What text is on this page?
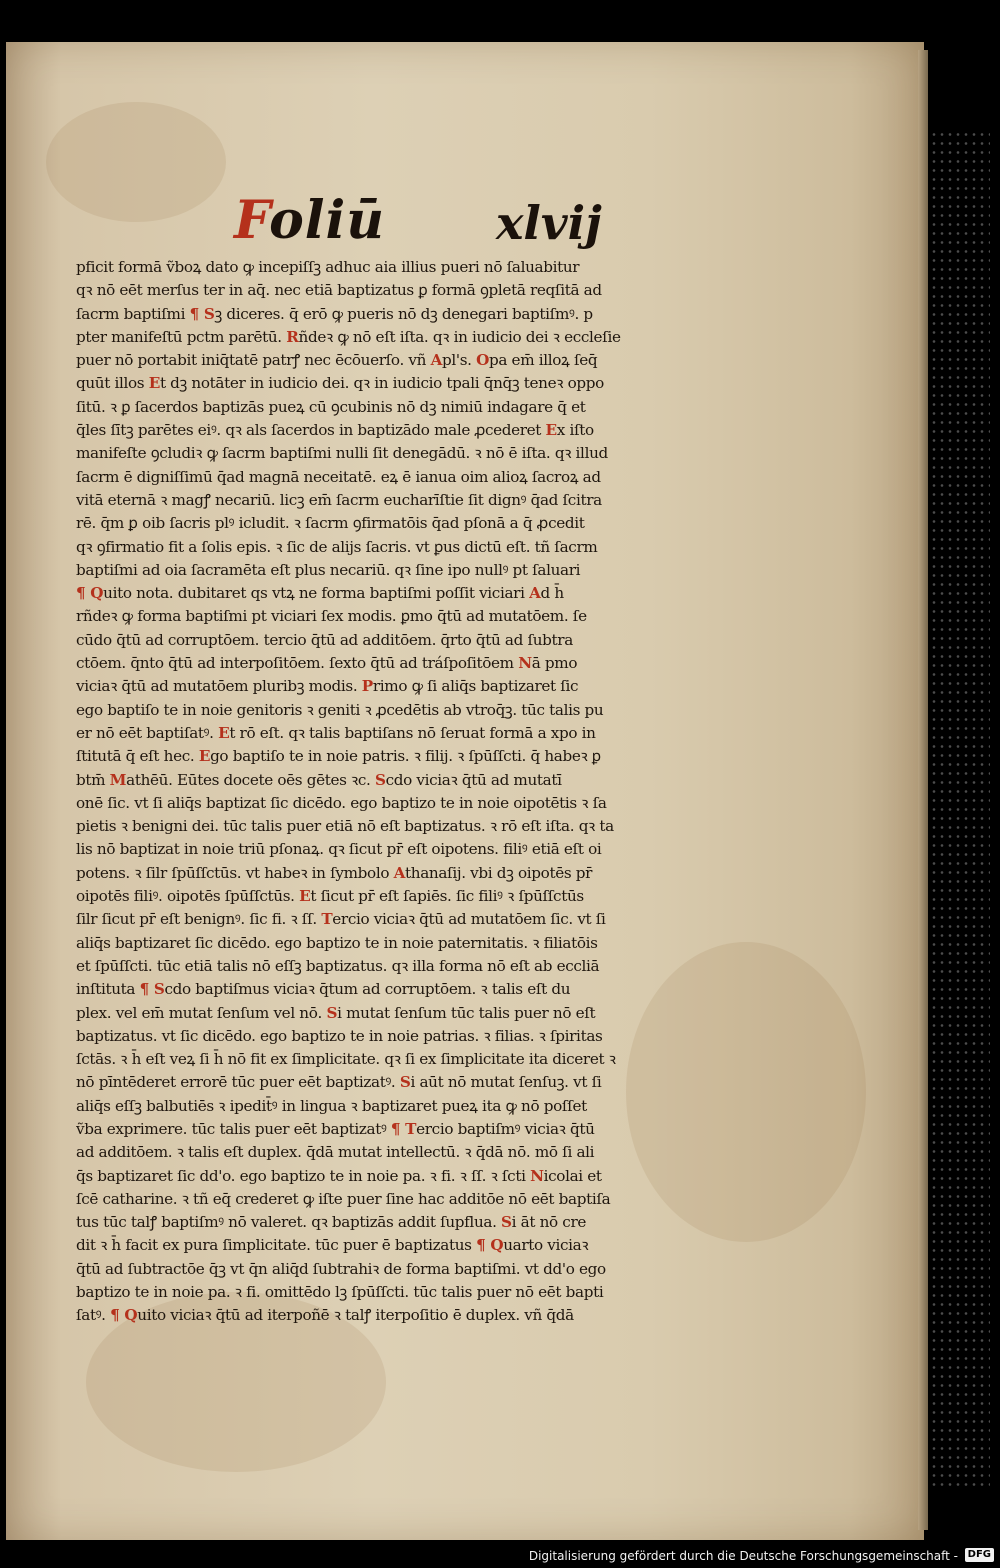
Foliū xlvij
pficit formā ṽboꝝ dato ꝙ incepiſſꝫ adhuc aia illius pueri nō ſaluabitur
qꝛ nō eēt merſus ter in aq̄. nec etiā baptizatus ꝑ formā ꝯpletā reqſitā ad
ſacrm baptiſmi ¶ Sꝫ diceres. q̄ erō ꝙ pueris nō dꝫ denegari baptiſmꝰ. p
pter manifeſtū pctm parētū. Rñdeꝛ ꝙ nō eſt iſta. qꝛ in iudicio dei ꝛ eccleſie
puer nō portabit iniq̄tatē patrꝭ nec ēcōuerſo. vñ Apl's. Opa em̄ illoꝝ ſeq̄
quūt illos Et dꝫ notāter in iudicio dei. qꝛ in iudicio tpali q̄nq̄ꝫ teneꝛ oppo
ſitū. ꝛ ꝑ ſacerdos baptizās pueꝝ cū ꝯcubinis nō dꝫ nimiū indagare q̄ et
q̄les ſītꝫ parētes eiꝰ. qꝛ als ſacerdos in baptizādo male ꝓcederet Ex iſto
manifeſte ꝯcludiꝛ ꝙ ſacrm baptiſmi nulli ſit denegādū. ꝛ nō ē iſta. qꝛ illud
ſacrm ē digniſſimū q̄ad magnā neceitatē. eꝝ ē ianua oim alioꝝ ſacroꝝ ad
vitā eternā ꝛ magꝭ necariū. licꝫ em̄ ſacrm eucharīſtie ſit dignꝰ q̄ad ſcitra
rē. q̄m ꝑ oib ſacris plꝰ icludit. ꝛ ſacrm ꝯfirmatōis q̄ad pſonā a q̄ ꝓcedit
qꝛ ꝯfirmatio fit a ſolis epis. ꝛ ſic de alijs ſacris. vt ꝑus dictū eſt. tñ ſacrm
baptiſmi ad oia ſacramēta eſt plus necariū. qꝛ ſine ipo nullꝰ pt ſaluari
¶ Quito nota. dubitaret qs vtꝝ ne forma baptiſmi poſſit viciari Ad h̄
rñdeꝛ ꝙ forma baptiſmi pt viciari ſex modis. ꝑmo q̄tū ad mutatōem. ſe
cūdo q̄tū ad corruptōem. tercio q̄tū ad additōem. q̄rto q̄tū ad ſubtra
ctōem. q̄nto q̄tū ad interpoſitōem. ſexto q̄tū ad tráſpoſitōem Nā pmo
viciaꝛ q̄tū ad mutatōem pluribꝫ modis. Primo ꝙ ſi aliq̄s baptizaret ſic
ego baptiſo te in noie genitoris ꝛ geniti ꝛ ꝓcedētis ab vtroq̄ꝫ. tūc talis pu
er nō eēt baptiſatꝰ. Et rō eſt. qꝛ talis baptiſans nō ſeruat formā a xpo in
ſtitutā q̄ eſt hec. Ego baptiſo te in noie patris. ꝛ filij. ꝛ ſpūſſcti. q̄ habeꝛ ꝑ
btm̄ Mathēū. Eūtes docete oēs gētes ꝛc. Scdo viciaꝛ q̄tū ad mutatī
onē ſic. vt ſi aliq̄s baptizat ſic dicēdo. ego baptizo te in noie oipotētis ꝛ ſa
pietis ꝛ benigni dei. tūc talis puer etiā nō eſt baptizatus. ꝛ rō eſt iſta. qꝛ ta
lis nō baptizat in noie triū pſonaꝝ. qꝛ ſicut pr̄ eſt oipotens. filiꝰ etiā eſt oi
potens. ꝛ ſilr ſpūſſctūs. vt habeꝛ in ſymbolo Athanaſij. vbi dꝫ oipotēs pr̄
oipotēs filiꝰ. oipotēs ſpūſſctūs. Et ſicut pr̄ eſt ſapiēs. ſic filiꝰ ꝛ ſpūſſctūs
ſilr ſicut pr̄ eſt benignꝰ. ſic fi. ꝛ ſſ. Tercio viciaꝛ q̄tū ad mutatōem ſic. vt ſi
aliq̄s baptizaret ſic dicēdo. ego baptizo te in noie paternitatis. ꝛ filiatōis
et ſpūſſcti. tūc etiā talis nō eſſꝫ baptizatus. qꝛ illa forma nō eſt ab eccliā
inſtituta ¶ Scdo baptiſmus viciaꝛ q̄tum ad corruptōem. ꝛ talis eſt du
plex. vel em̄ mutat ſenſum vel nō. Si mutat ſenſum tūc talis puer nō eſt
baptizatus. vt ſic dicēdo. ego baptizo te in noie patrias. ꝛ filias. ꝛ ſpiritas
ſctās. ꝛ h̄ eſt veꝝ ſi h̄ nō fit ex ſimplicitate. qꝛ ſi ex ſimplicitate ita diceret ꝛ
nō pīntēderet errorē tūc puer eēt baptizatꝰ. Si aūt nō mutat ſenſuꝫ. vt ſi
aliq̄s eſſꝫ balbutiēs ꝛ ipedit̄ꝰ in lingua ꝛ baptizaret pueꝝ ita ꝙ nō poſſet
ṽba exprimere. tūc talis puer eēt baptizatꝰ ¶ Tercio baptiſmꝰ viciaꝛ q̄tū
ad additōem. ꝛ talis eſt duplex. q̄dā mutat intellectū. ꝛ q̄dā nō. mō ſi ali
q̄s baptizaret ſic dd'o. ego baptizo te in noie pa. ꝛ fi. ꝛ ſſ. ꝛ ſcti Nicolai et
ſcē catharine. ꝛ tñ eq̄ crederet ꝙ iſte puer ſine hac additōe nō eēt baptiſa
tus tūc talꝭ baptiſmꝰ nō valeret. qꝛ baptizās addit ſupflua. Si āt nō cre
dit ꝛ h̄ facit ex pura ſimplicitate. tūc puer ē baptizatus ¶ Quarto viciaꝛ
q̄tū ad ſubtractōe q̄ꝫ vt q̄n aliq̄d ſubtrahiꝛ de forma baptiſmi. vt dd'o ego
baptizo te in noie pa. ꝛ fi. omittēdo lꝫ ſpūſſcti. tūc talis puer nō eēt bapti
ſatꝰ. ¶ Quito viciaꝛ q̄tū ad iterpoñē ꝛ talꝭ iterpoſitio ē duplex. vñ q̄dā
Digitalisierung gefördert durch die Deutsche Forschungsgemeinschaft - DFG
